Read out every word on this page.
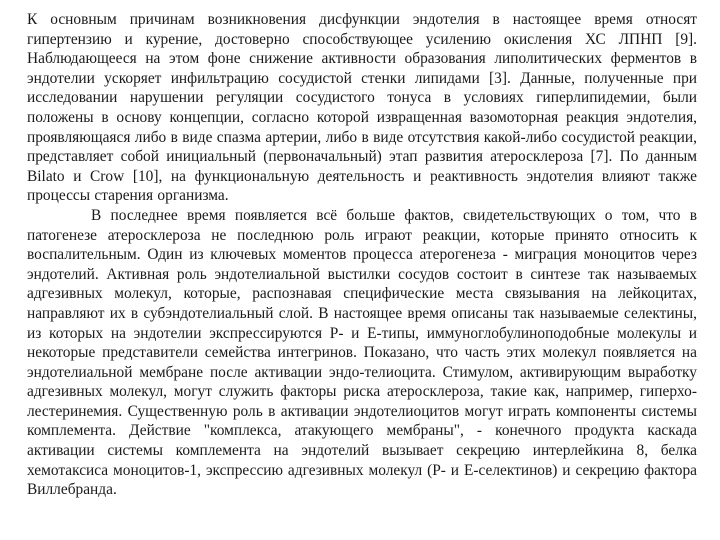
К основным причинам возникновения дисфункции эндотелия в настоящее время относят гипертензию и курение, достоверно способствующее усилению окисления ХС ЛПНП [9]. Наблюдающееся на этом фоне снижение активности образования липолитических ферментов в эндотелии ускоряет инфильтрацию сосудистой стенки липидами [3]. Данные, полученные при исследовании нарушении регуляции сосудистого тонуса в условиях гиперлипидемии, были положены в основу концепции, согласно которой извращенная вазомоторная реакция эндотелия, проявляющаяся либо в виде спазма артерии, либо в виде отсутствия какой-либо сосудистой реакции, представляет собой инициальный (первоначальный) этап развития атеросклероза [7]. По данным Bilato и Crow [10], на функциональную деятельность и реактивность эндотелия влияют также процессы старения организма.

В последнее время появляется всё больше фактов, свидетельствующих о том, что в патогенезе атеросклероза не последнюю роль играют реакции, которые принято относить к воспалительным. Один из ключевых моментов процесса атерогенеза - миграция моноцитов через эндотелий. Активная роль эндотелиальной выстилки сосудов состоит в синтезе так называемых адгезивных молекул, которые, распознавая специфические места связывания на лейкоцитах, направляют их в субэндотелиальный слой. В настоящее время описаны так называемые селектины, из которых на эндотелии экспрессируются Р- и Е-типы, иммуноглобулиноподобные молекулы и некоторые представители семейства интегринов. Показано, что часть этих молекул появляется на эндотелиальной мембране после активации эндо-телиоцита. Стимулом, активирующим выработку адгезивных молекул, могут служить факторы риска атеросклероза, такие как, например, гиперхо-лестеринемия. Существенную роль в активации эндотелиоцитов могут играть компоненты системы комплемента. Действие "комплекса, атакующего мембраны", - конечного продукта каскада активации системы комплемента на эндотелий вызывает секрецию интерлейкина 8, белка хемотаксиса моноцитов-1, экспрессию адгезивных молекул (Р- и Е-селектинов) и секрецию фактора Виллебранда.
